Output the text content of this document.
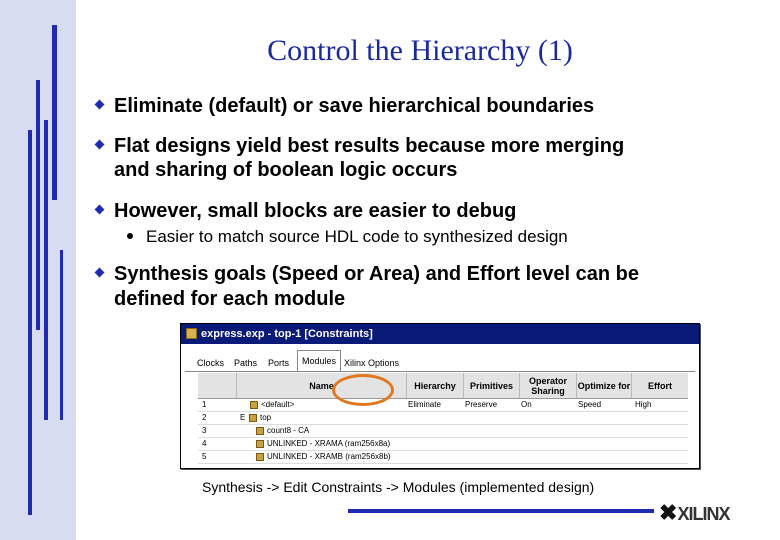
Control the Hierarchy (1)
Eliminate (default) or save hierarchical boundaries
Flat designs yield best results because more merging
and sharing of boolean logic occurs
However, small blocks are easier to debug
Easier to match source HDL code to synthesized design
Synthesis goals (Speed or Area) and Effort level can be
defined for each module
express.exp - top-1 [Constraints]
Clocks Paths Ports	Modules Xilinx Options
Name	Hierarchy	Primitives	Operator Sharing	Optimize for	Effort
1	<default>	Eliminate	Preserve	On	Speed	High
2	E	top
3	count8 - CA
4	UNLINKED - XRAMA (ram256x8a)
5	UNLINKED - XRAMB (ram256x8b)
Synthesis -> Edit Constraints -> Modules (implemented design)
✖XILINX
